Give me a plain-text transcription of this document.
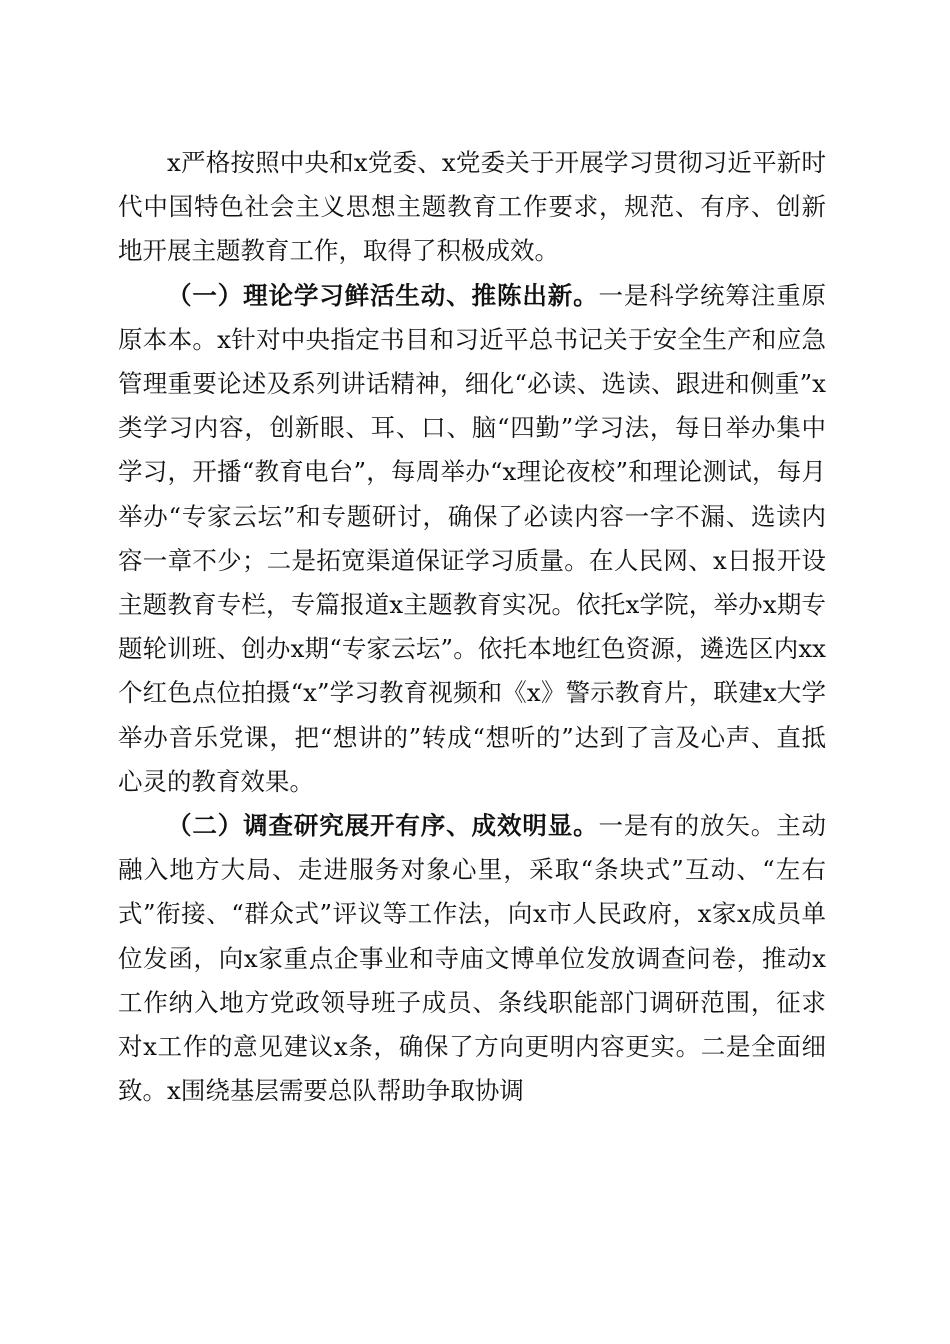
x严格按照中央和x党委、x党委关于开展学习贯彻习近平新时代中国特色社会主义思想主题教育工作要求，规范、有序、创新地开展主题教育工作，取得了积极成效。

（一）理论学习鲜活生动、推陈出新。一是科学统筹注重原原本本。x针对中央指定书目和习近平总书记关于安全生产和应急管理重要论述及系列讲话精神，细化“必读、选读、跟进和侧重”x类学习内容，创新眼、耳、口、脑“四勤”学习法，每日举办集中学习，开播“教育电台”，每周举办“x理论夜校”和理论测试，每月举办“专家云坛”和专题研讨，确保了必读内容一字不漏、选读内容一章不少；二是拓宽渠道保证学习质量。在人民网、x日报开设主题教育专栏，专篇报道x主题教育实况。依托x学院，举办x期专题轮训班、创办x期“专家云坛”。依托本地红色资源，遴选区内xx个红色点位拍摄“x”学习教育视频和《x》警示教育片，联建x大学举办音乐党课，把“想讲的”转成“想听的”达到了言及心声、直抵心灵的教育效果。

（二）调查研究展开有序、成效明显。一是有的放矢。主动融入地方大局、走进服务对象心里，采取“条块式”互动、“左右式”衔接、“群众式”评议等工作法，向x市人民政府，x家x成员单位发函，向x家重点企事业和寺庙文博单位发放调查问卷，推动x工作纳入地方党政领导班子成员、条线职能部门调研范围，征求对x工作的意见建议x条，确保了方向更明内容更实。二是全面细致。x围绕基层需要总队帮助争取协调
